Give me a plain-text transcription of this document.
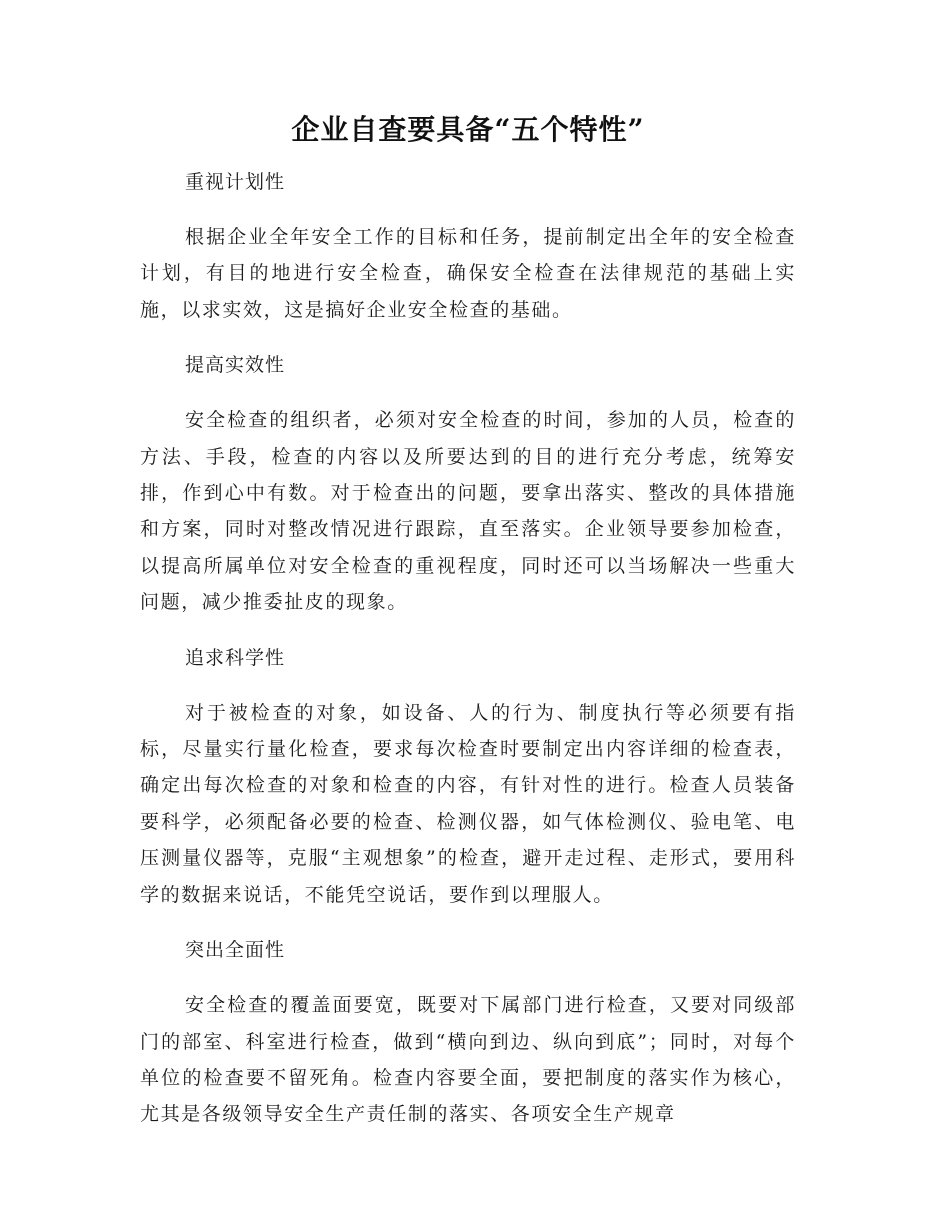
企业自查要具备“五个特性”

重视计划性

根据企业全年安全工作的目标和任务，提前制定出全年的安全检查计划，有目的地进行安全检查，确保安全检查在法律规范的基础上实施，以求实效，这是搞好企业安全检查的基础。

提高实效性

安全检查的组织者，必须对安全检查的时间，参加的人员，检查的方法、手段，检查的内容以及所要达到的目的进行充分考虑，统筹安排，作到心中有数。对于检查出的问题，要拿出落实、整改的具体措施和方案，同时对整改情况进行跟踪，直至落实。企业领导要参加检查，以提高所属单位对安全检查的重视程度，同时还可以当场解决一些重大问题，减少推委扯皮的现象。

追求科学性

对于被检查的对象，如设备、人的行为、制度执行等必须要有指标，尽量实行量化检查，要求每次检查时要制定出内容详细的检查表，确定出每次检查的对象和检查的内容，有针对性的进行。检查人员装备要科学，必须配备必要的检查、检测仪器，如气体检测仪、验电笔、电压测量仪器等，克服“主观想象”的检查，避开走过程、走形式，要用科学的数据来说话，不能凭空说话，要作到以理服人。

突出全面性

安全检查的覆盖面要宽，既要对下属部门进行检查，又要对同级部门的部室、科室进行检查，做到“横向到边、纵向到底”；同时，对每个单位的检查要不留死角。检查内容要全面，要把制度的落实作为核心，尤其是各级领导安全生产责任制的落实、各项安全生产规章
